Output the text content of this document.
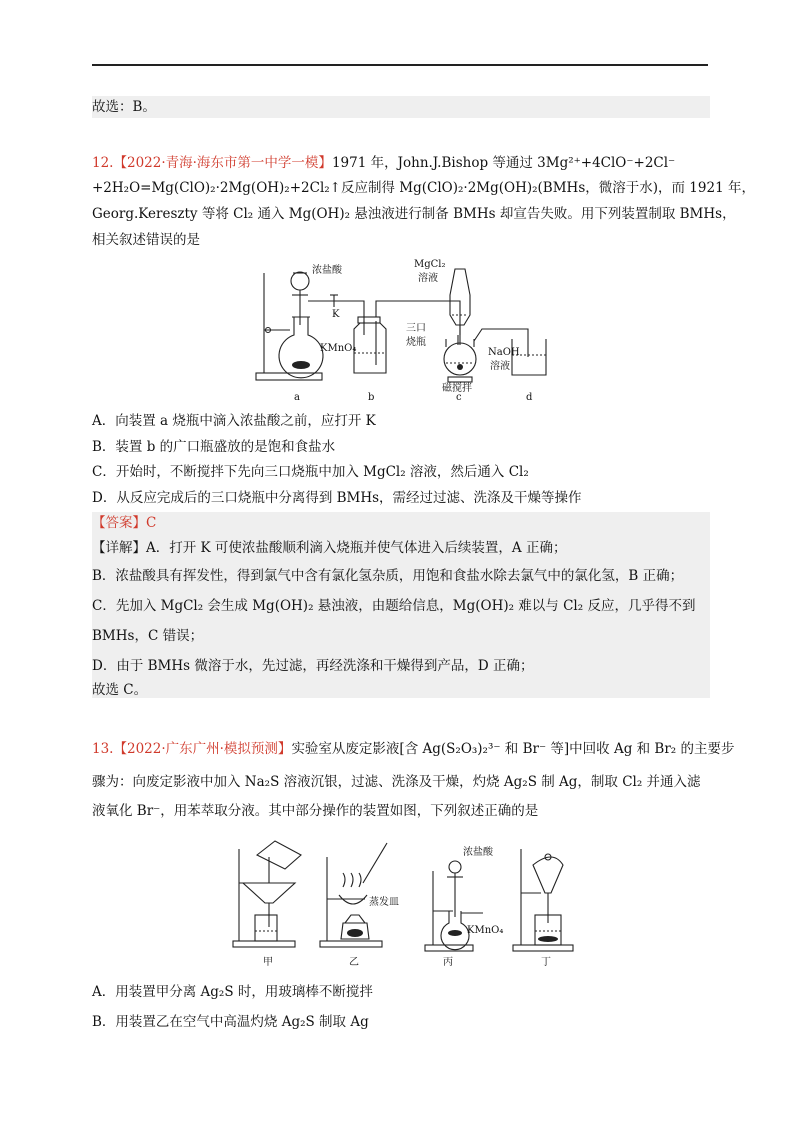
故选：B。
12.【2022·青海·海东市第一中学一模】1971 年，John.J.Bishop 等通过 3Mg²⁺+4ClO⁻+2Cl⁻
+2H₂O=Mg(ClO)₂·2Mg(OH)₂+2Cl₂↑反应制得 Mg(ClO)₂·2Mg(OH)₂(BMHs，微溶于水)，而 1921 年，
Georg.Kereszty 等将 Cl₂ 通入 Mg(OH)₂ 悬浊液进行制备 BMHs 却宣告失败。用下列装置制取 BMHs，
相关叙述错误的是
浓盐酸
K
KMnO₄
MgCl₂
溶液
三口
烧瓶
NaOH
溶液
磁搅拌
a	b	c	d
A．向装置 a 烧瓶中滴入浓盐酸之前，应打开 K
B．装置 b 的广口瓶盛放的是饱和食盐水
C．开始时，不断搅拌下先向三口烧瓶中加入 MgCl₂ 溶液，然后通入 Cl₂
D．从反应完成后的三口烧瓶中分离得到 BMHs，需经过过滤、洗涤及干燥等操作
【答案】C
【详解】A．打开 K 可使浓盐酸顺利滴入烧瓶并使气体进入后续装置，A 正确；
B．浓盐酸具有挥发性，得到氯气中含有氯化氢杂质，用饱和食盐水除去氯气中的氯化氢，B 正确；
C．先加入 MgCl₂ 会生成 Mg(OH)₂ 悬浊液，由题给信息，Mg(OH)₂ 难以与 Cl₂ 反应，几乎得不到
BMHs，C 错误；
D．由于 BMHs 微溶于水，先过滤，再经洗涤和干燥得到产品，D 正确；
故选 C。
13.【2022·广东广州·模拟预测】实验室从废定影液[含 Ag(S₂O₃)₂³⁻ 和 Br⁻ 等]中回收 Ag 和 Br₂ 的主要步
骤为：向废定影液中加入 Na₂S 溶液沉银，过滤、洗涤及干燥，灼烧 Ag₂S 制 Ag，制取 Cl₂ 并通入滤
液氧化 Br⁻，用苯萃取分液。其中部分操作的装置如图，下列叙述正确的是
蒸发皿
浓盐酸
KMnO₄
甲	乙	丙	丁
A．用装置甲分离 Ag₂S 时，用玻璃棒不断搅拌
B．用装置乙在空气中高温灼烧 Ag₂S 制取 Ag
